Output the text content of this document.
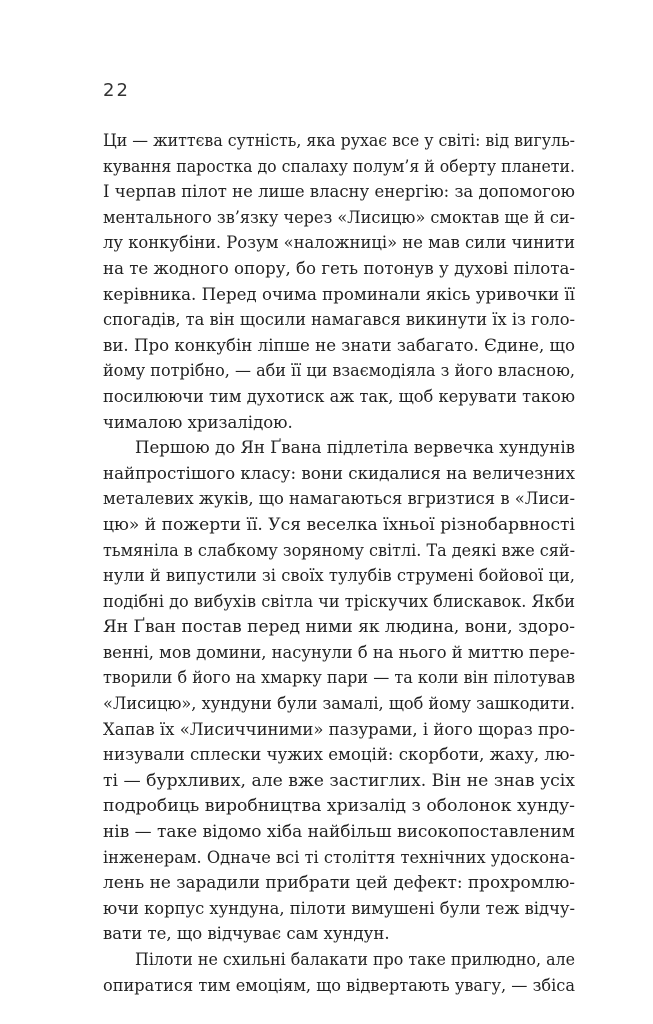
22
Ци — життєва сутність, яка рухає все у світі: від вигуль-
кування паростка до спалаху полум’я й оберту планети.
І черпав пілот не лише власну енергію: за допомогою
ментального зв’язку через «Лисицю» смоктав ще й си-
лу конкубіни. Розум «наложниці» не мав сили чинити
на те жодного опору, бо геть потонув у духові пілота-
керівника. Перед очима проминали якісь уривочки її
спогадів, та він щосили намагався викинути їх із голо-
ви. Про конкубін ліпше не знати забагато. Єдине, що
йому потрібно, — аби її ци взаємодіяла з його власною,
посилюючи тим духотиск аж так, щоб керувати такою
чималою хризалідою.
Першою до Ян Ґвана підлетіла вервечка хундунів
найпростішого класу: вони скидалися на величезних
металевих жуків, що намагаються вгризтися в «Лиси-
цю» й пожерти її. Уся веселка їхньої різнобарвності
тьмяніла в слабкому зоряному світлі. Та деякі вже сяй-
нули й випустили зі своїх тулубів струмені бойової ци,
подібні до вибухів світла чи тріскучих блискавок. Якби
Ян Ґван постав перед ними як людина, вони, здоро-
венні, мов домини, насунули б на нього й миттю пере-
творили б його на хмарку пари — та коли він пілотував
«Лисицю», хундуни були замалі, щоб йому зашкодити.
Хапав їх «Лисиччиними» пазурами, і його щораз про-
низували сплески чужих емоцій: скорботи, жаху, лю-
ті — бурхливих, але вже застиглих. Він не знав усіх
подробиць виробництва хризалід з оболонок хунду-
нів — таке відомо хіба найбільш високопоставленим
інженерам. Одначе всі ті століття технічних удоскона-
лень не зарадили прибрати цей дефект: прохромлю-
ючи корпус хундуна, пілоти вимушені були теж відчу-
вати те, що відчуває сам хундун.
Пілоти не схильні балакати про таке прилюдно, але
опиратися тим емоціям, що відвертають увагу, — збіса
